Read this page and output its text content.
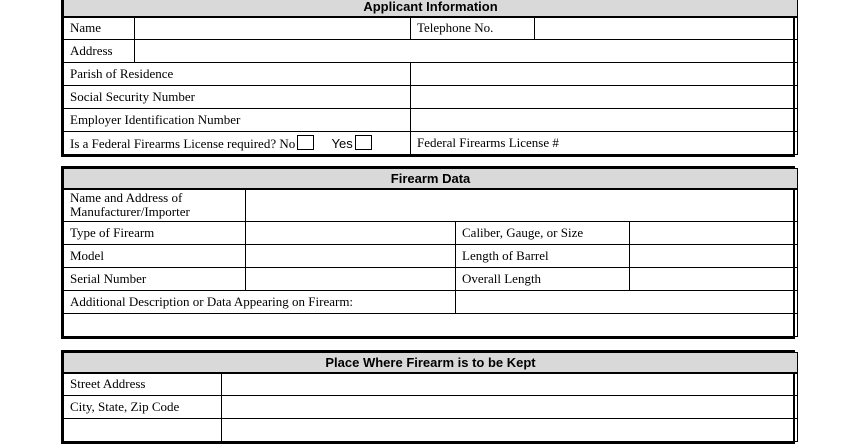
Applicant Information			
Name		Telephone No.	
Address			
Parish of Residence			
Social Security Number			
Employer Identification Number			
Is a Federal Firearms License required? No Yes		Federal Firearms License #	
Firearm Data			
Name and Address of
Manufacturer/Importer			
Type of Firearm		Caliber, Gauge, or Size	
Model		Length of Barrel	
Serial Number		Overall Length	
Additional Description or Data Appearing on Firearm:			

Place Where Firearm is to be Kept	
Street Address	
City, State, Zip Code	
